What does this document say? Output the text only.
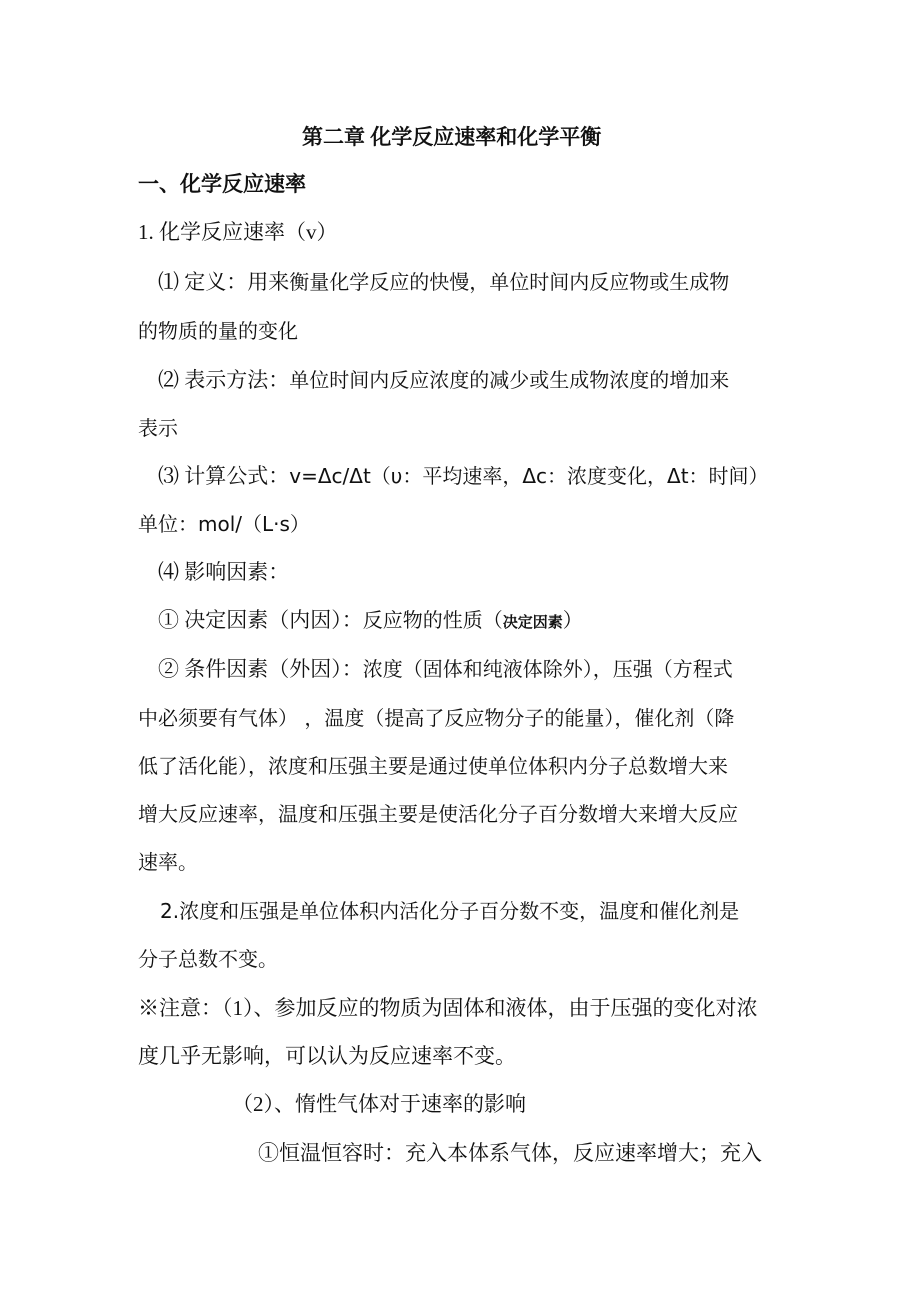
第二章 化学反应速率和化学平衡
一、化学反应速率
1. 化学反应速率（v）
⑴ 定义：用来衡量化学反应的快慢，单位时间内反应物或生成物
的物质的量的变化
⑵ 表示方法：单位时间内反应浓度的减少或生成物浓度的增加来
表示
⑶ 计算公式：v=Δc/Δt（υ：平均速率，Δc：浓度变化，Δt：时间）
单位：mol/（L·s）
⑷ 影响因素：
① 决定因素（内因）：反应物的性质（决定因素）
② 条件因素（外因）：浓度（固体和纯液体除外），压强（方程式
中必须要有气体） ，温度（提高了反应物分子的能量），催化剂（降
低了活化能），浓度和压强主要是通过使单位体积内分子总数增大来
增大反应速率，温度和压强主要是使活化分子百分数增大来增大反应
速率。
2.浓度和压强是单位体积内活化分子百分数不变，温度和催化剂是
分子总数不变。
※注意：（1）、参加反应的物质为固体和液体，由于压强的变化对浓
度几乎无影响，可以认为反应速率不变。
（2）、惰性气体对于速率的影响
①恒温恒容时：充入本体系气体，反应速率增大；充入
